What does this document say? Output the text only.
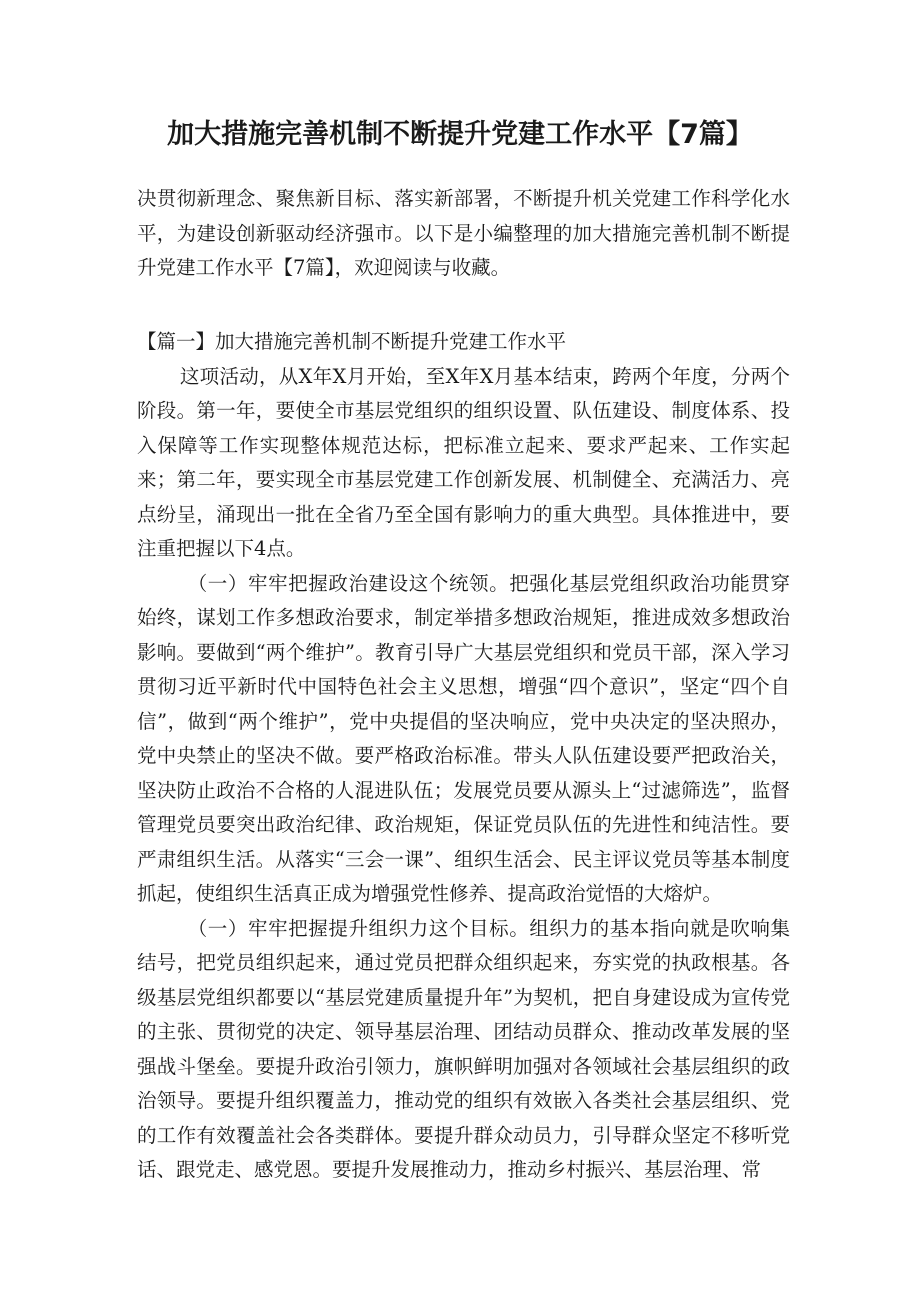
加大措施完善机制不断提升党建工作水平【7篇】

决贯彻新理念、聚焦新目标、落实新部署，不断提升机关党建工作科学化水平，为建设创新驱动经济强市。以下是小编整理的加大措施完善机制不断提升党建工作水平【7篇】，欢迎阅读与收藏。

【篇一】加大措施完善机制不断提升党建工作水平

这项活动，从X年X月开始，至X年X月基本结束，跨两个年度，分两个阶段。第一年，要使全市基层党组织的组织设置、队伍建设、制度体系、投入保障等工作实现整体规范达标，把标准立起来、要求严起来、工作实起来；第二年，要实现全市基层党建工作创新发展、机制健全、充满活力、亮点纷呈，涌现出一批在全省乃至全国有影响力的重大典型。具体推进中，要注重把握以下4点。

（一）牢牢把握政治建设这个统领。把强化基层党组织政治功能贯穿始终，谋划工作多想政治要求，制定举措多想政治规矩，推进成效多想政治影响。要做到“两个维护”。教育引导广大基层党组织和党员干部，深入学习贯彻习近平新时代中国特色社会主义思想，增强“四个意识”，坚定“四个自信”，做到“两个维护”，党中央提倡的坚决响应，党中央决定的坚决照办，党中央禁止的坚决不做。要严格政治标准。带头人队伍建设要严把政治关，坚决防止政治不合格的人混进队伍；发展党员要从源头上“过滤筛选”，监督管理党员要突出政治纪律、政治规矩，保证党员队伍的先进性和纯洁性。要严肃组织生活。从落实“三会一课”、组织生活会、民主评议党员等基本制度抓起，使组织生活真正成为增强党性修养、提高政治觉悟的大熔炉。

（一）牢牢把握提升组织力这个目标。组织力的基本指向就是吹响集结号，把党员组织起来，通过党员把群众组织起来，夯实党的执政根基。各级基层党组织都要以“基层党建质量提升年”为契机，把自身建设成为宣传党的主张、贯彻党的决定、领导基层治理、团结动员群众、推动改革发展的坚强战斗堡垒。要提升政治引领力，旗帜鲜明加强对各领域社会基层组织的政治领导。要提升组织覆盖力，推动党的组织有效嵌入各类社会基层组织、党的工作有效覆盖社会各类群体。要提升群众动员力，引导群众坚定不移听党话、跟党走、感党恩。要提升发展推动力，推动乡村振兴、基层治理、常
